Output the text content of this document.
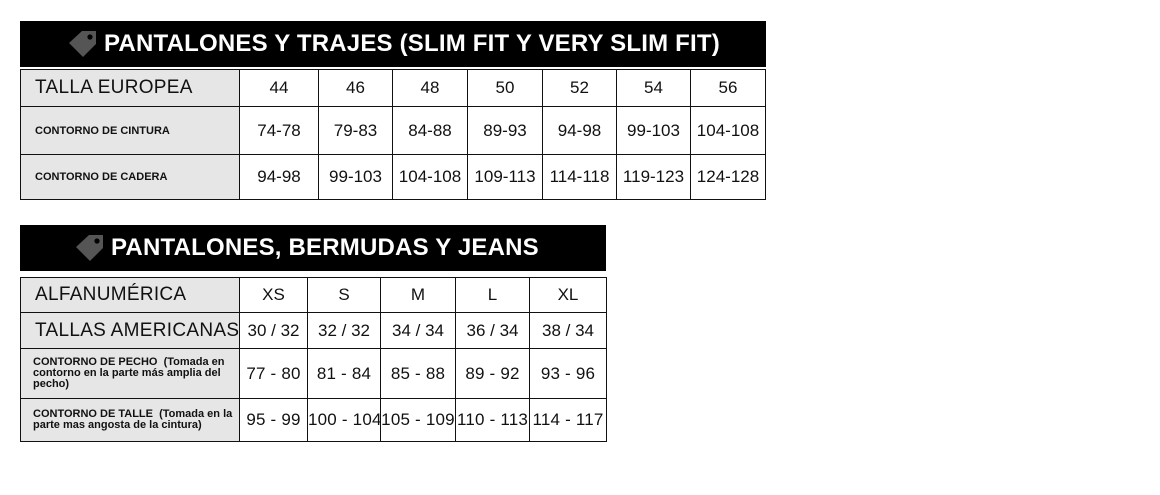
PANTALONES Y TRAJES (SLIM FIT Y VERY SLIM FIT)
TALLA EUROPEA	44	46	48	50	52	54	56
CONTORNO DE CINTURA	74-78	79-83	84-88	89-93	94-98	99-103	104-108
CONTORNO DE CADERA	94-98	99-103	104-108	109-113	114-118	119-123	124-128
PANTALONES, BERMUDAS Y JEANS
ALFANUMÉRICA	XS	S	M	L	XL
TALLAS AMERICANAS	30 / 32	32 / 32	34 / 34	36 / 34	38 / 34
CONTORNO DE PECHO (Tomada en contorno en la parte más amplia del pecho)	77 - 80	81 - 84	85 - 88	89 - 92	93 - 96
CONTORNO DE TALLE (Tomada en la parte mas angosta de la cintura)	95 - 99	100 - 104	105 - 109	110 - 113	114 - 117
